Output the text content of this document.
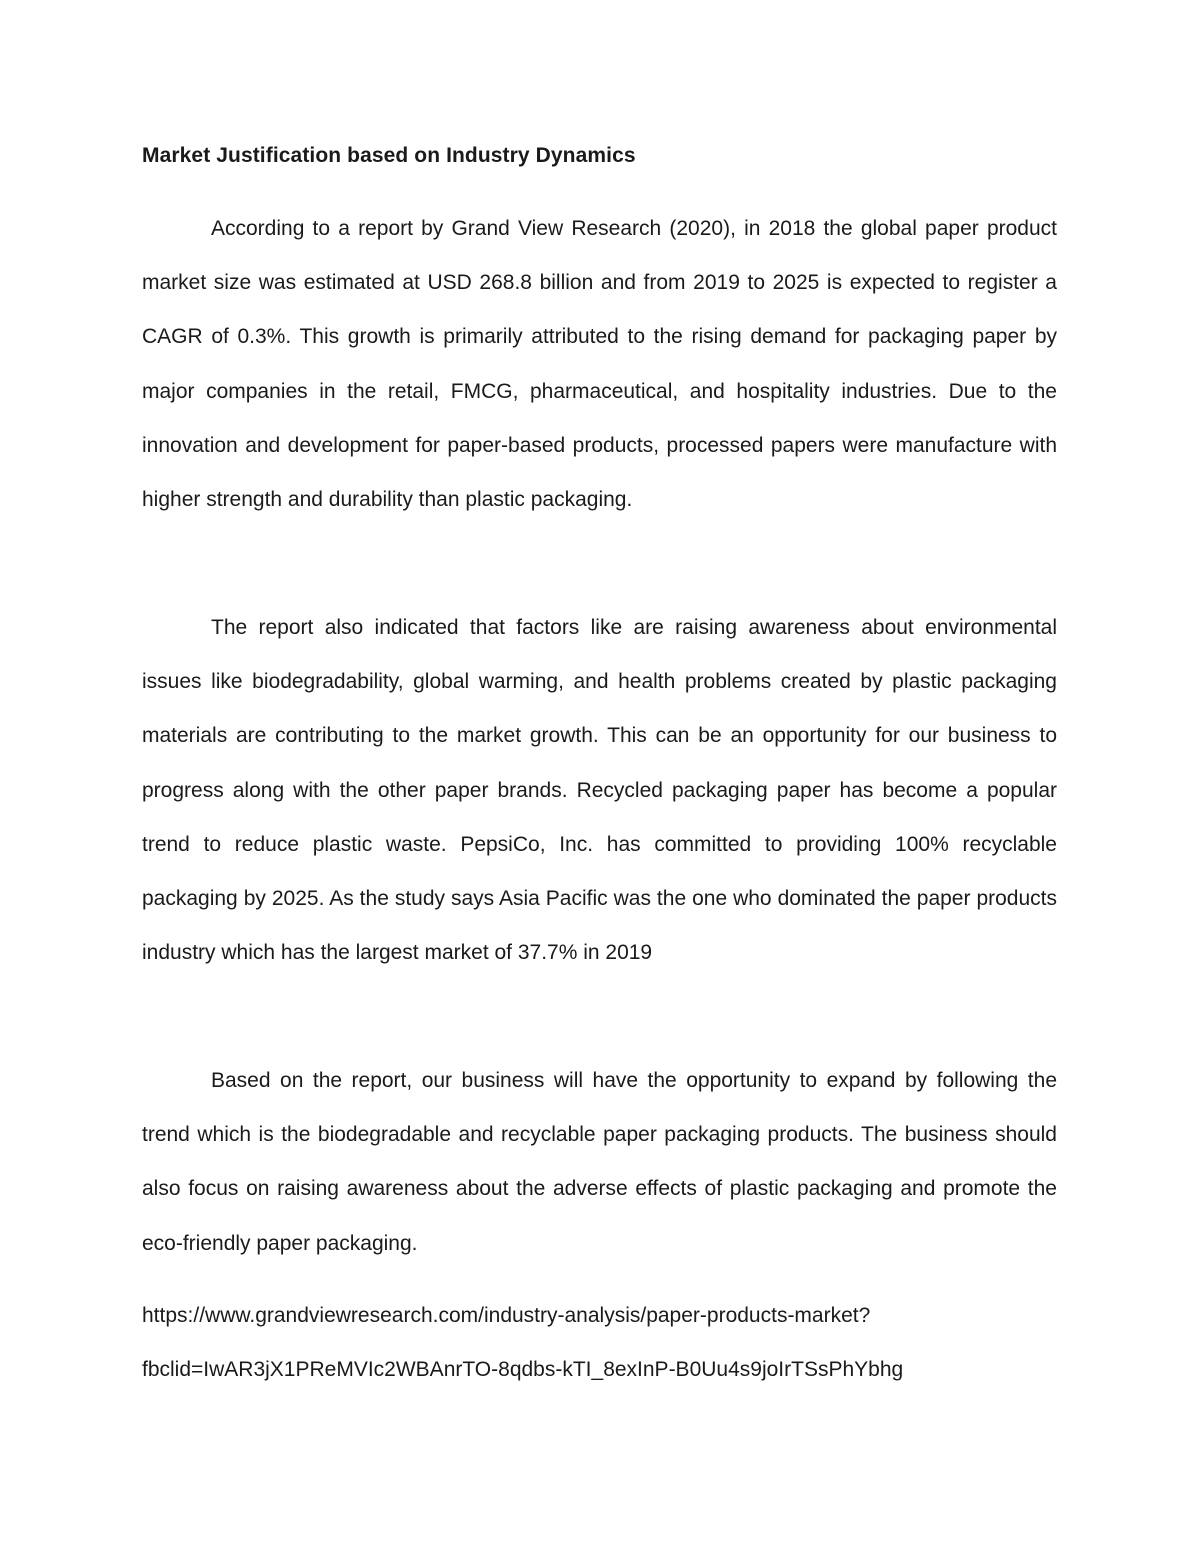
Market Justification based on Industry Dynamics

According to a report by Grand View Research (2020), in 2018 the global paper product market size was estimated at USD 268.8 billion and from 2019 to 2025 is expected to register a CAGR of 0.3%. This growth is primarily attributed to the rising demand for packaging paper by major companies in the retail, FMCG, pharmaceutical, and hospitality industries. Due to the innovation and development for paper-based products, processed papers were manufacture with higher strength and durability than plastic packaging.

The report also indicated that factors like are raising awareness about environmental issues like biodegradability, global warming, and health problems created by plastic packaging materials are contributing to the market growth. This can be an opportunity for our business to progress along with the other paper brands. Recycled packaging paper has become a popular trend to reduce plastic waste. PepsiCo, Inc. has committed to providing 100% recyclable packaging by 2025. As the study says Asia Pacific was the one who dominated the paper products industry which has the largest market of 37.7% in 2019

Based on the report, our business will have the opportunity to expand by following the trend which is the biodegradable and recyclable paper packaging products. The business should also focus on raising awareness about the adverse effects of plastic packaging and promote the eco-friendly paper packaging.

https://www.grandviewresearch.com/industry-analysis/paper-products-market?
fbclid=IwAR3jX1PReMVIc2WBAnrTO-8qdbs-kTI_8exInP-B0Uu4s9joIrTSsPhYbhg
